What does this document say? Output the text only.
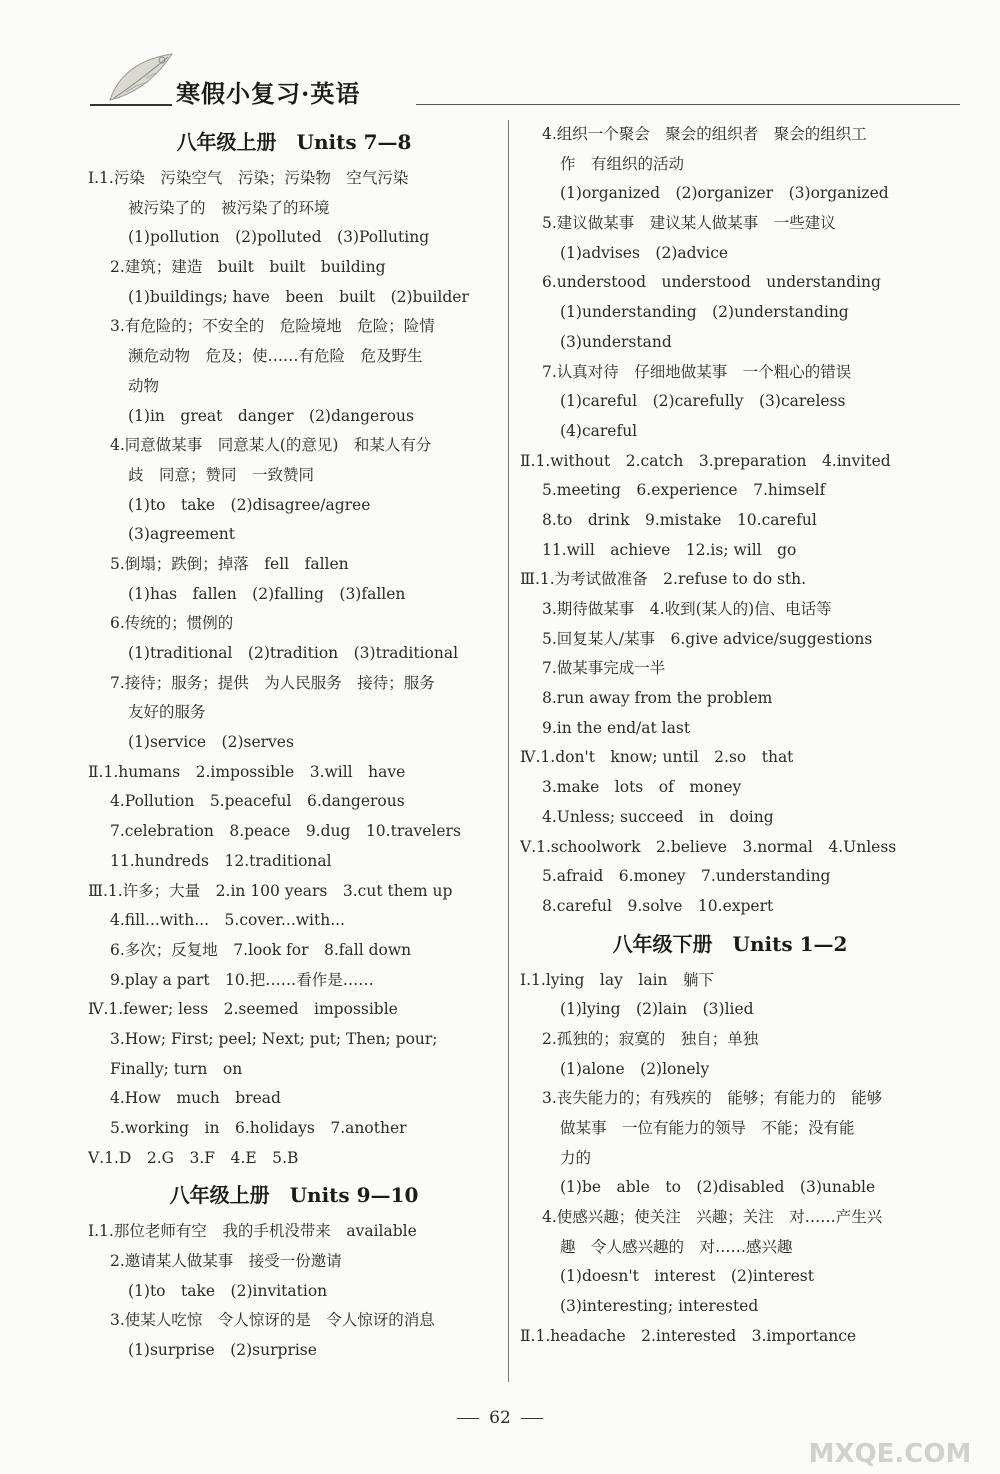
寒假小复习·英语
八年级上册　Units 7—8
Ⅰ.1.污染　污染空气　污染；污染物　空气污染
被污染了的　被污染了的环境
(1)pollution　(2)polluted　(3)Polluting
2.建筑；建造　built　built　building
(1)buildings; have　been　built　(2)builder
3.有危险的；不安全的　危险境地　危险；险情
濒危动物　危及；使……有危险　危及野生
动物
(1)in　great　danger　(2)dangerous
4.同意做某事　同意某人(的意见)　和某人有分
歧　同意；赞同　一致赞同
(1)to　take　(2)disagree/agree
(3)agreement
5.倒塌；跌倒；掉落　fell　fallen
(1)has　fallen　(2)falling　(3)fallen
6.传统的；惯例的
(1)traditional　(2)tradition　(3)traditional
7.接待；服务；提供　为人民服务　接待；服务
友好的服务
(1)service　(2)serves
Ⅱ.1.humans　2.impossible　3.will　have
4.Pollution　5.peaceful　6.dangerous
7.celebration　8.peace　9.dug　10.travelers
11.hundreds　12.traditional
Ⅲ.1.许多；大量　2.in 100 years　3.cut them up
4.fill...with...　5.cover...with...
6.多次；反复地　7.look for　8.fall down
9.play a part　10.把……看作是……
Ⅳ.1.fewer; less　2.seemed　impossible
3.How; First; peel; Next; put; Then; pour;
Finally; turn　on
4.How　much　bread
5.working　in　6.holidays　7.another
Ⅴ.1.D　2.G　3.F　4.E　5.B
八年级上册　Units 9—10
Ⅰ.1.那位老师有空　我的手机没带来　available
2.邀请某人做某事　接受一份邀请
(1)to　take　(2)invitation
3.使某人吃惊　令人惊讶的是　令人惊讶的消息
(1)surprise　(2)surprise
4.组织一个聚会　聚会的组织者　聚会的组织工
作　有组织的活动
(1)organized　(2)organizer　(3)organized
5.建议做某事　建议某人做某事　一些建议
(1)advises　(2)advice
6.understood　understood　understanding
(1)understanding　(2)understanding
(3)understand
7.认真对待　仔细地做某事　一个粗心的错误
(1)careful　(2)carefully　(3)careless
(4)careful
Ⅱ.1.without　2.catch　3.preparation　4.invited
5.meeting　6.experience　7.himself
8.to　drink　9.mistake　10.careful
11.will　achieve　12.is; will　go
Ⅲ.1.为考试做准备　2.refuse to do sth.
3.期待做某事　4.收到(某人的)信、电话等
5.回复某人/某事　6.give advice/suggestions
7.做某事完成一半
8.run away from the problem
9.in the end/at last
Ⅳ.1.don't　know; until　2.so　that
3.make　lots　of　money
4.Unless; succeed　in　doing
Ⅴ.1.schoolwork　2.believe　3.normal　4.Unless
5.afraid　6.money　7.understanding
8.careful　9.solve　10.expert
八年级下册　Units 1—2
Ⅰ.1.lying　lay　lain　躺下
(1)lying　(2)lain　(3)lied
2.孤独的；寂寞的　独自；单独
(1)alone　(2)lonely
3.丧失能力的；有残疾的　能够；有能力的　能够
做某事　一位有能力的领导　不能；没有能
力的
(1)be　able　to　(2)disabled　(3)unable
4.使感兴趣；使关注　兴趣；关注　对……产生兴
趣　令人感兴趣的　对……感兴趣
(1)doesn't　interest　(2)interest
(3)interesting; interested
Ⅱ.1.headache　2.interested　3.importance
62
MXQE.COM
